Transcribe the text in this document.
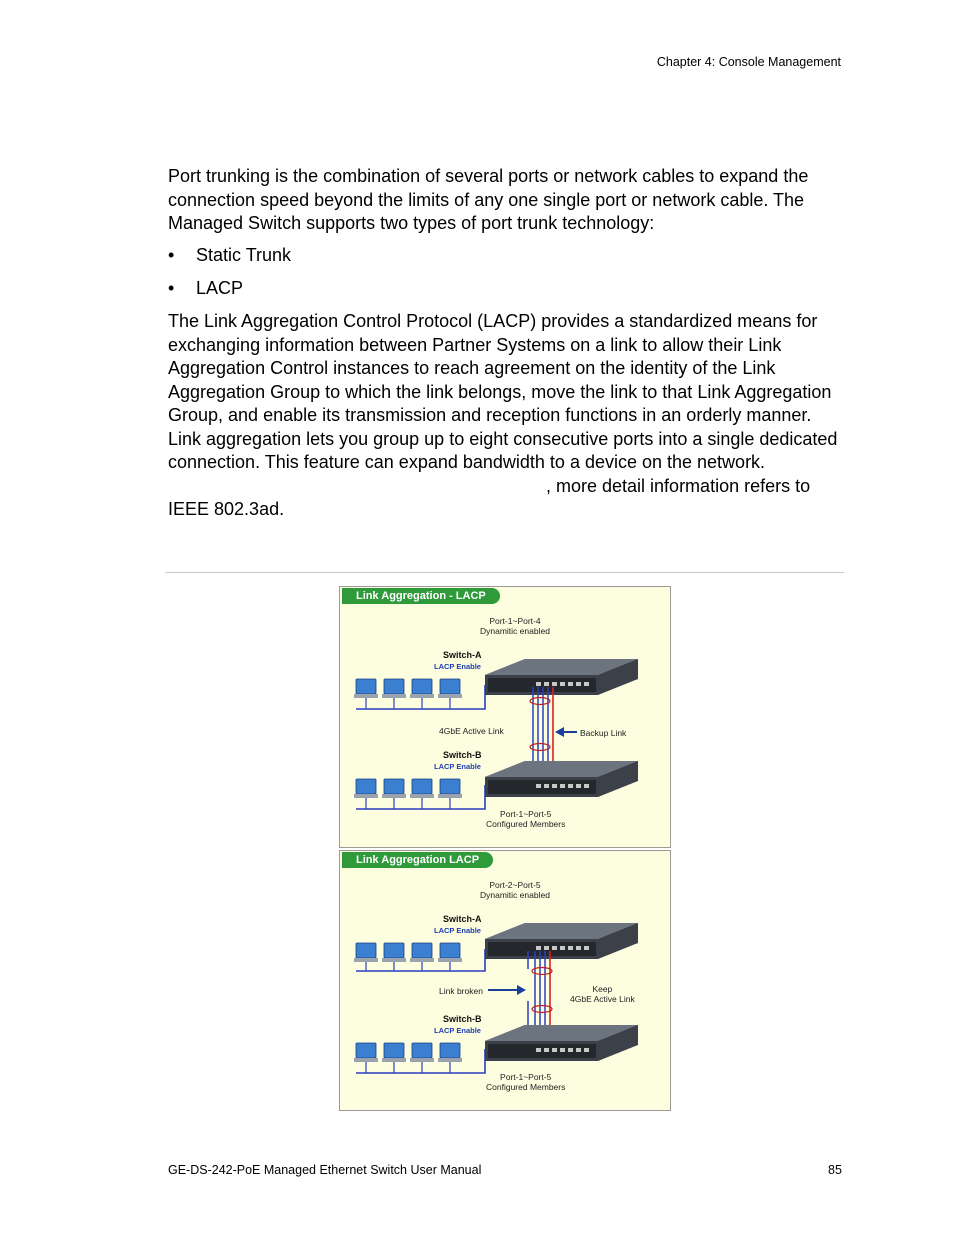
Chapter 4: Console Management
Port trunking is the combination of several ports or network cables to expand the connection speed beyond the limits of any one single port or network cable. The Managed Switch supports two types of port trunk technology:
• Static Trunk
• LACP
The Link Aggregation Control Protocol (LACP) provides a standardized means for exchanging information between Partner Systems on a link to allow their Link Aggregation Control instances to reach agreement on the identity of the Link Aggregation Group to which the link belongs, move the link to that Link Aggregation Group, and enable its transmission and reception functions in an orderly manner. Link aggregation lets you group up to eight consecutive ports into a single dedicated connection. This feature can expand bandwidth to a device on the network., more detail information refers to IEEE 802.3ad.
Link Aggregation - LACP
Port-1~Port-4
Dynamitic enabled
Switch-A
LACP Enable
4GbE Active Link	Backup Link
Switch-B
LACP Enable
Port-1~Port-5
Configured Members
Link Aggregation LACP
Port-2~Port-5
Dynamitic enabled
Switch-A
LACP Enable
Link broken	Keep
4GbE Active Link
Switch-B
LACP Enable
Port-1~Port-5
Configured Members
GE-DS-242-PoE Managed Ethernet Switch User Manual	85
